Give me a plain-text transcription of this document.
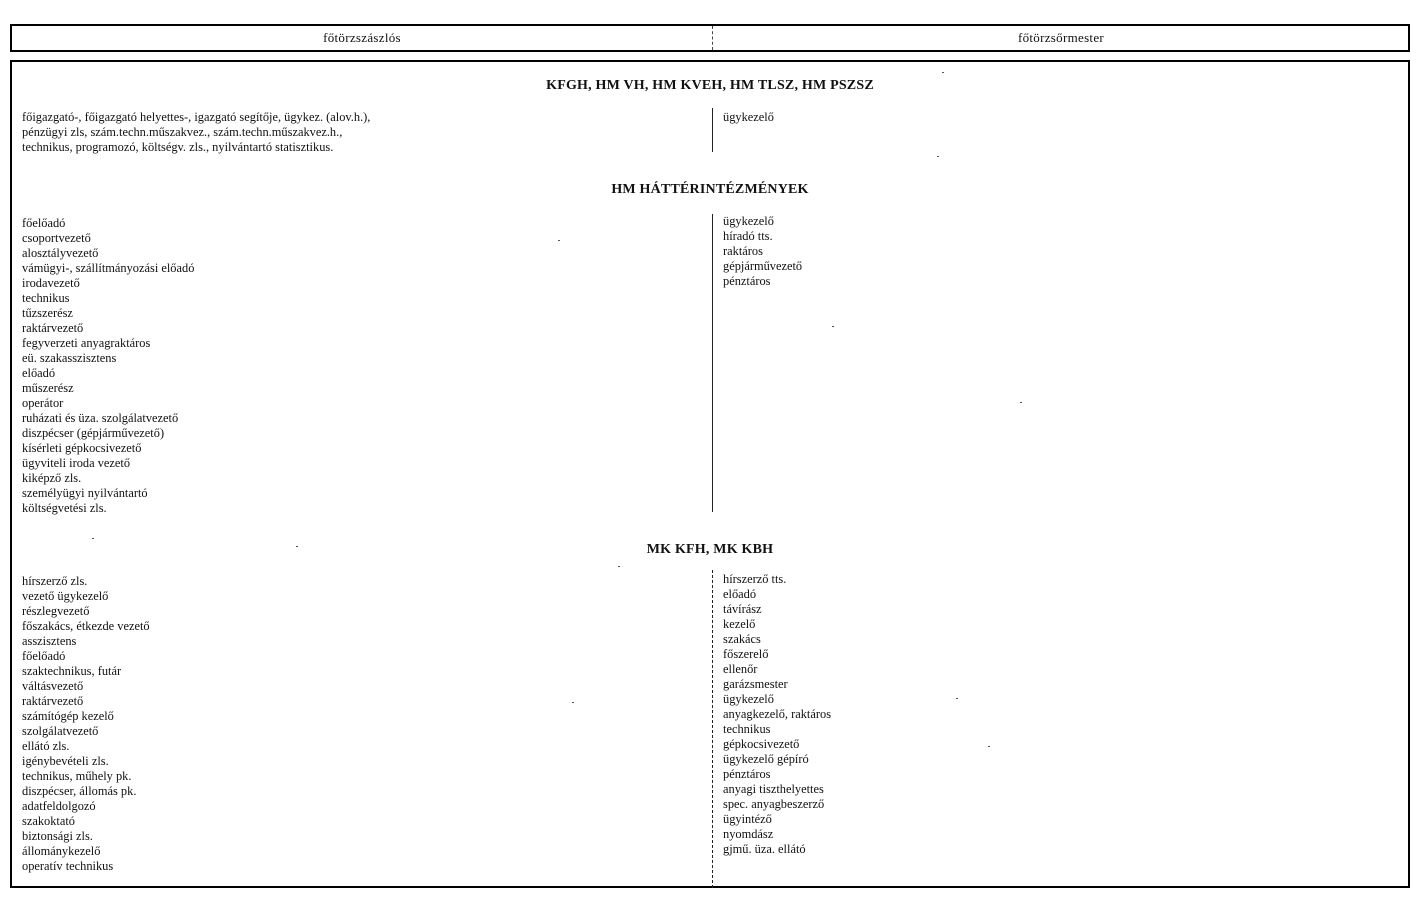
főtörzszászlós	főtörzsőrmester
KFGH, HM VH, HM KVEH, HM TLSZ, HM PSZSZ
főigazgató-, főigazgató helyettes-, igazgató segítője, ügykez. (alov.h.),
pénzügyi zls, szám.techn.műszakvez., szám.techn.műszakvez.h.,
technikus, programozó, költségv. zls., nyilvántartó statisztikus.
ügykezelő
HM HÁTTÉRINTÉZMÉNYEK
főelőadó
csoportvezető
alosztályvezető
vámügyi-, szállítmányozási előadó
irodavezető
technikus
tűzszerész
raktárvezető
fegyverzeti anyagraktáros
eü. szakasszisztens
előadó
műszerész
operátor
ruházati és üza. szolgálatvezető
diszpécser (gépjárművezető)
kísérleti gépkocsivezető
ügyviteli iroda vezető
kiképző zls.
személyügyi nyilvántartó
költségvetési zls.
ügykezelő
híradó tts.
raktáros
gépjárművezető
pénztáros
MK KFH, MK KBH
hírszerző zls.
vezető ügykezelő
részlegvezető
főszakács, étkezde vezető
asszisztens
főelőadó
szaktechnikus, futár
váltásvezető
raktárvezető
számítógép kezelő
szolgálatvezető
ellátó zls.
igénybevételi zls.
technikus, műhely pk.
diszpécser, állomás pk.
adatfeldolgozó
szakoktató
biztonsági zls.
állománykezelő
operatív technikus
hírszerző tts.
előadó
távírász
kezelő
szakács
főszerelő
ellenőr
garázsmester
ügykezelő
anyagkezelő, raktáros
technikus
gépkocsivezető
ügykezelő gépíró
pénztáros
anyagi tiszthelyettes
spec. anyagbeszerző
ügyintéző
nyomdász
gjmű. üza. ellátó
